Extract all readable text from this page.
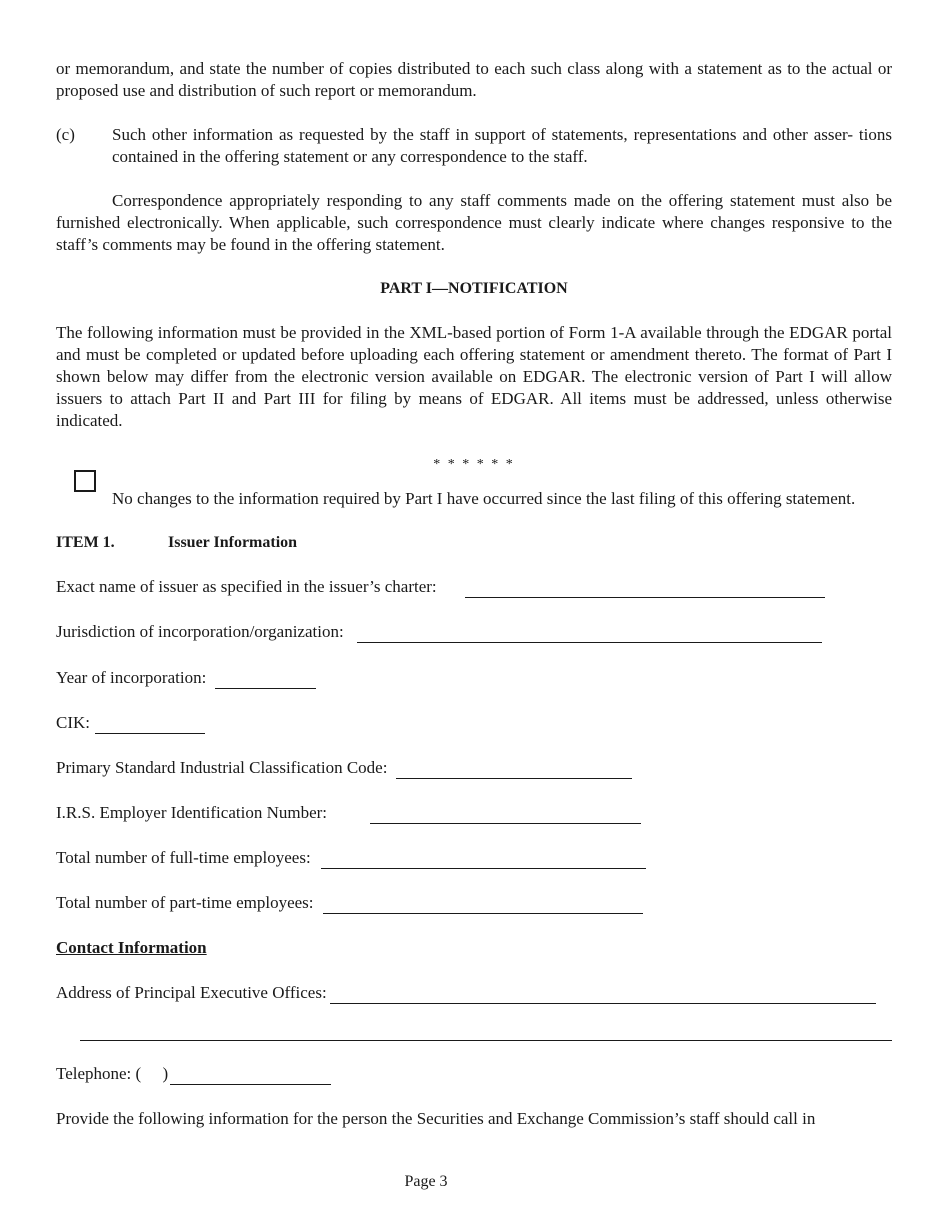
or memorandum, and state the number of copies distributed to each such class along with a statement as to the actual or proposed use and distribution of such report or memorandum.

(c)	Such other information as requested by the staff in support of statements, representations and other asser- tions contained in the offering statement or any correspondence to the staff.

Correspondence appropriately responding to any staff comments made on the offering statement must also be furnished electronically. When applicable, such correspondence must clearly indicate where changes responsive to the staff’s comments may be found in the offering statement.

PART I—NOTIFICATION

The following information must be provided in the XML-based portion of Form 1-A available through the EDGAR portal and must be completed or updated before uploading each offering statement or amendment thereto. The format of Part I shown below may differ from the electronic version available on EDGAR. The electronic version of Part I will allow issuers to attach Part II and Part III for filing by means of EDGAR. All items must be addressed, unless otherwise indicated.

* * * * * *

No changes to the information required by Part I have occurred since the last filing of this offering statement.

ITEM 1.	Issuer Information
Exact name of issuer as specified in the issuer’s charter:
Jurisdiction of incorporation/organization:
Year of incorporation:
CIK:
Primary Standard Industrial Classification Code:
I.R.S. Employer Identification Number:
Total number of full-time employees:
Total number of part-time employees:
Contact Information
Address of Principal Executive Offices:
Telephone: (     )

Provide the following information for the person the Securities and Exchange Commission’s staff should call in

Page 3
